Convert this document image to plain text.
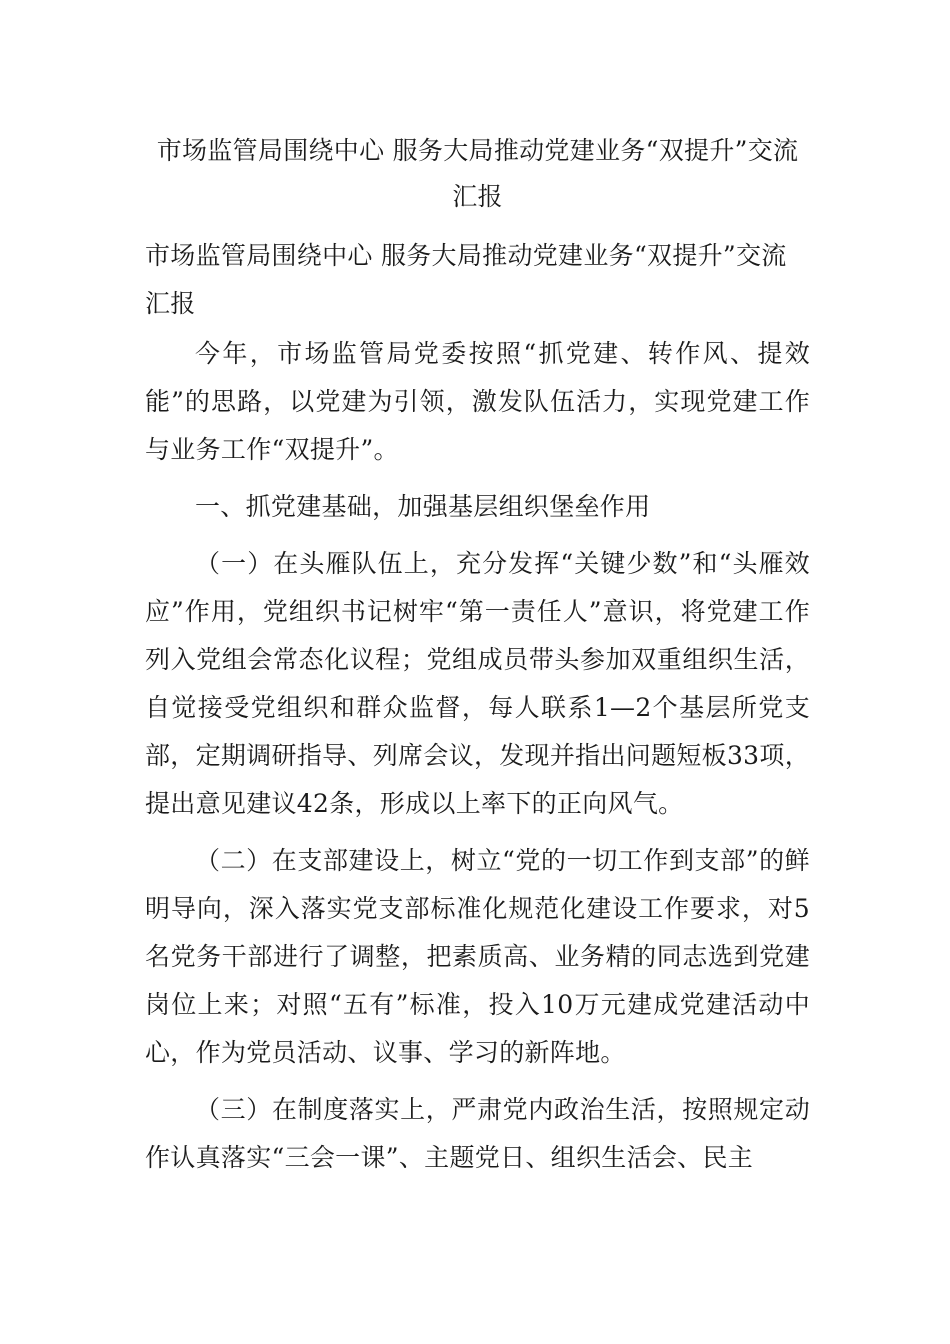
市场监管局围绕中心 服务大局推动党建业务“双提升”交流汇报

市场监管局围绕中心 服务大局推动党建业务“双提升”交流汇报

今年，市场监管局党委按照“抓党建、转作风、提效能”的思路，以党建为引领，激发队伍活力，实现党建工作与业务工作“双提升”。

一、抓党建基础，加强基层组织堡垒作用

（一）在头雁队伍上，充分发挥“关键少数”和“头雁效应”作用，党组织书记树牢“第一责任人”意识，将党建工作列入党组会常态化议程；党组成员带头参加双重组织生活，自觉接受党组织和群众监督，每人联系1—2个基层所党支部，定期调研指导、列席会议，发现并指出问题短板33项，提出意见建议42条，形成以上率下的正向风气。

（二）在支部建设上，树立“党的一切工作到支部”的鲜明导向，深入落实党支部标准化规范化建设工作要求，对5名党务干部进行了调整，把素质高、业务精的同志选到党建岗位上来；对照“五有”标准，投入10万元建成党建活动中心，作为党员活动、议事、学习的新阵地。

（三）在制度落实上，严肃党内政治生活，按照规定动作认真落实“三会一课”、主题党日、组织生活会、民主
